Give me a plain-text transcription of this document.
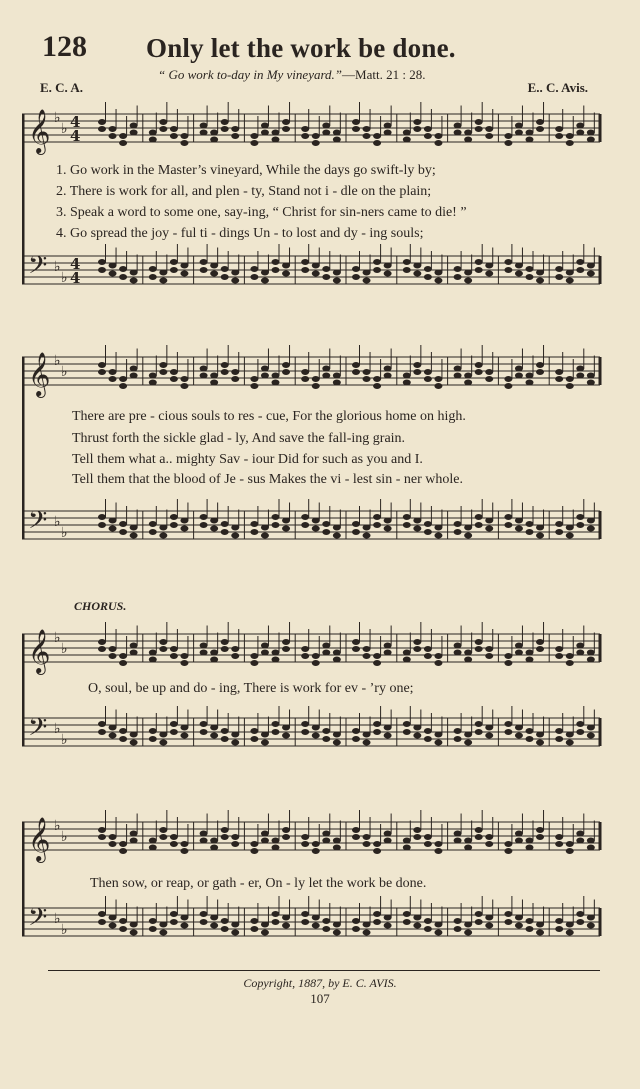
128 Only let the work be done.
“ Go work to-day in My vineyard.”—Matt. 21 : 28.
E. C. A.	E.. C. Avis.
𝄞 ♭
♭ 4
4
𝄢 ♭
♭
4
4
1. Go work in the Master’s vineyard, While the days go swift-ly by;
2. There is work for all, and plen - ty, Stand not i - dle on the plain;
3. Speak a word to some one, say-ing, “ Christ for sin-ners came to die! ”
4. Go spread the joy - ful ti - dings Un - to lost and dy - ing souls;
𝄞 ♭
♭
𝄢 ♭
♭
There are pre - cious souls to res - cue, For the glorious home on high.
Thrust forth the sickle glad - ly, And save the fall-ing grain.
Tell them what a.. mighty Sav - iour Did for such as you and I.
Tell them that the blood of Je - sus Makes the vi - lest sin - ner whole.
CHORUS.
𝄞 ♭
♭
𝄢 ♭
♭
O, soul, be up and do - ing, There is work for ev - ’ry one;
𝄞 ♭
♭
𝄢 ♭
♭
Then sow, or reap, or gath - er, On - ly let the work be done.
Copyright, 1887, by E. C. AVIS.
107
